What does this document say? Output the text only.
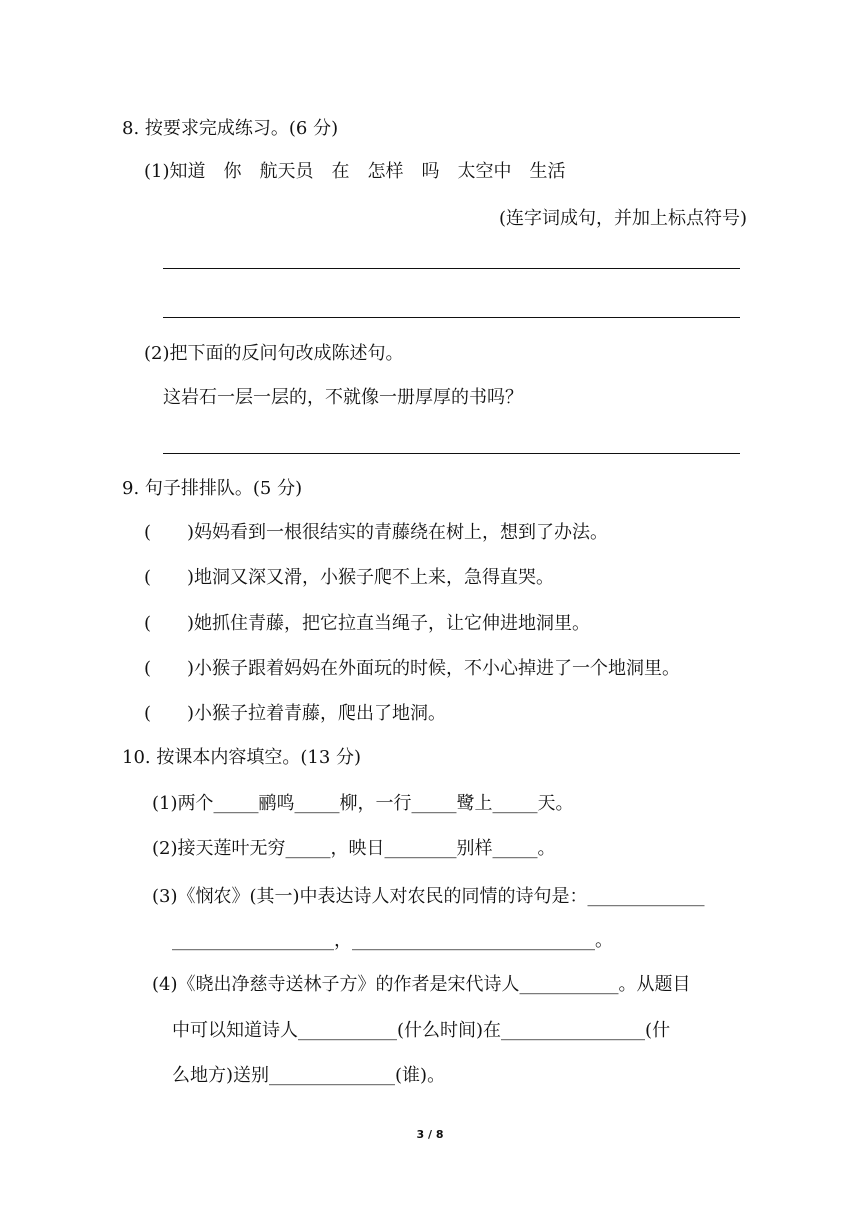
8. 按要求完成练习。(6 分)
(1)知道　你　航天员　在　怎样　吗　太空中　生活
(连字词成句，并加上标点符号)
(2)把下面的反问句改成陈述句。
这岩石一层一层的，不就像一册厚厚的书吗？
9. 句子排排队。(5 分)
(　　)妈妈看到一根很结实的青藤绕在树上，想到了办法。
(　　)地洞又深又滑，小猴子爬不上来，急得直哭。
(　　)她抓住青藤，把它拉直当绳子，让它伸进地洞里。
(　　)小猴子跟着妈妈在外面玩的时候，不小心掉进了一个地洞里。
(　　)小猴子拉着青藤，爬出了地洞。
10. 按课本内容填空。(13 分)
(1)两个_____鹂鸣_____柳，一行_____鹭上_____天。
(2)接天莲叶无穷_____，映日________别样_____。
(3)《悯农》(其一)中表达诗人对农民的同情的诗句是：_____________
__________________，___________________________。
(4)《晓出净慈寺送林子方》的作者是宋代诗人___________。从题目
中可以知道诗人___________(什么时间)在________________(什
么地方)送别______________(谁)。
3 / 8
